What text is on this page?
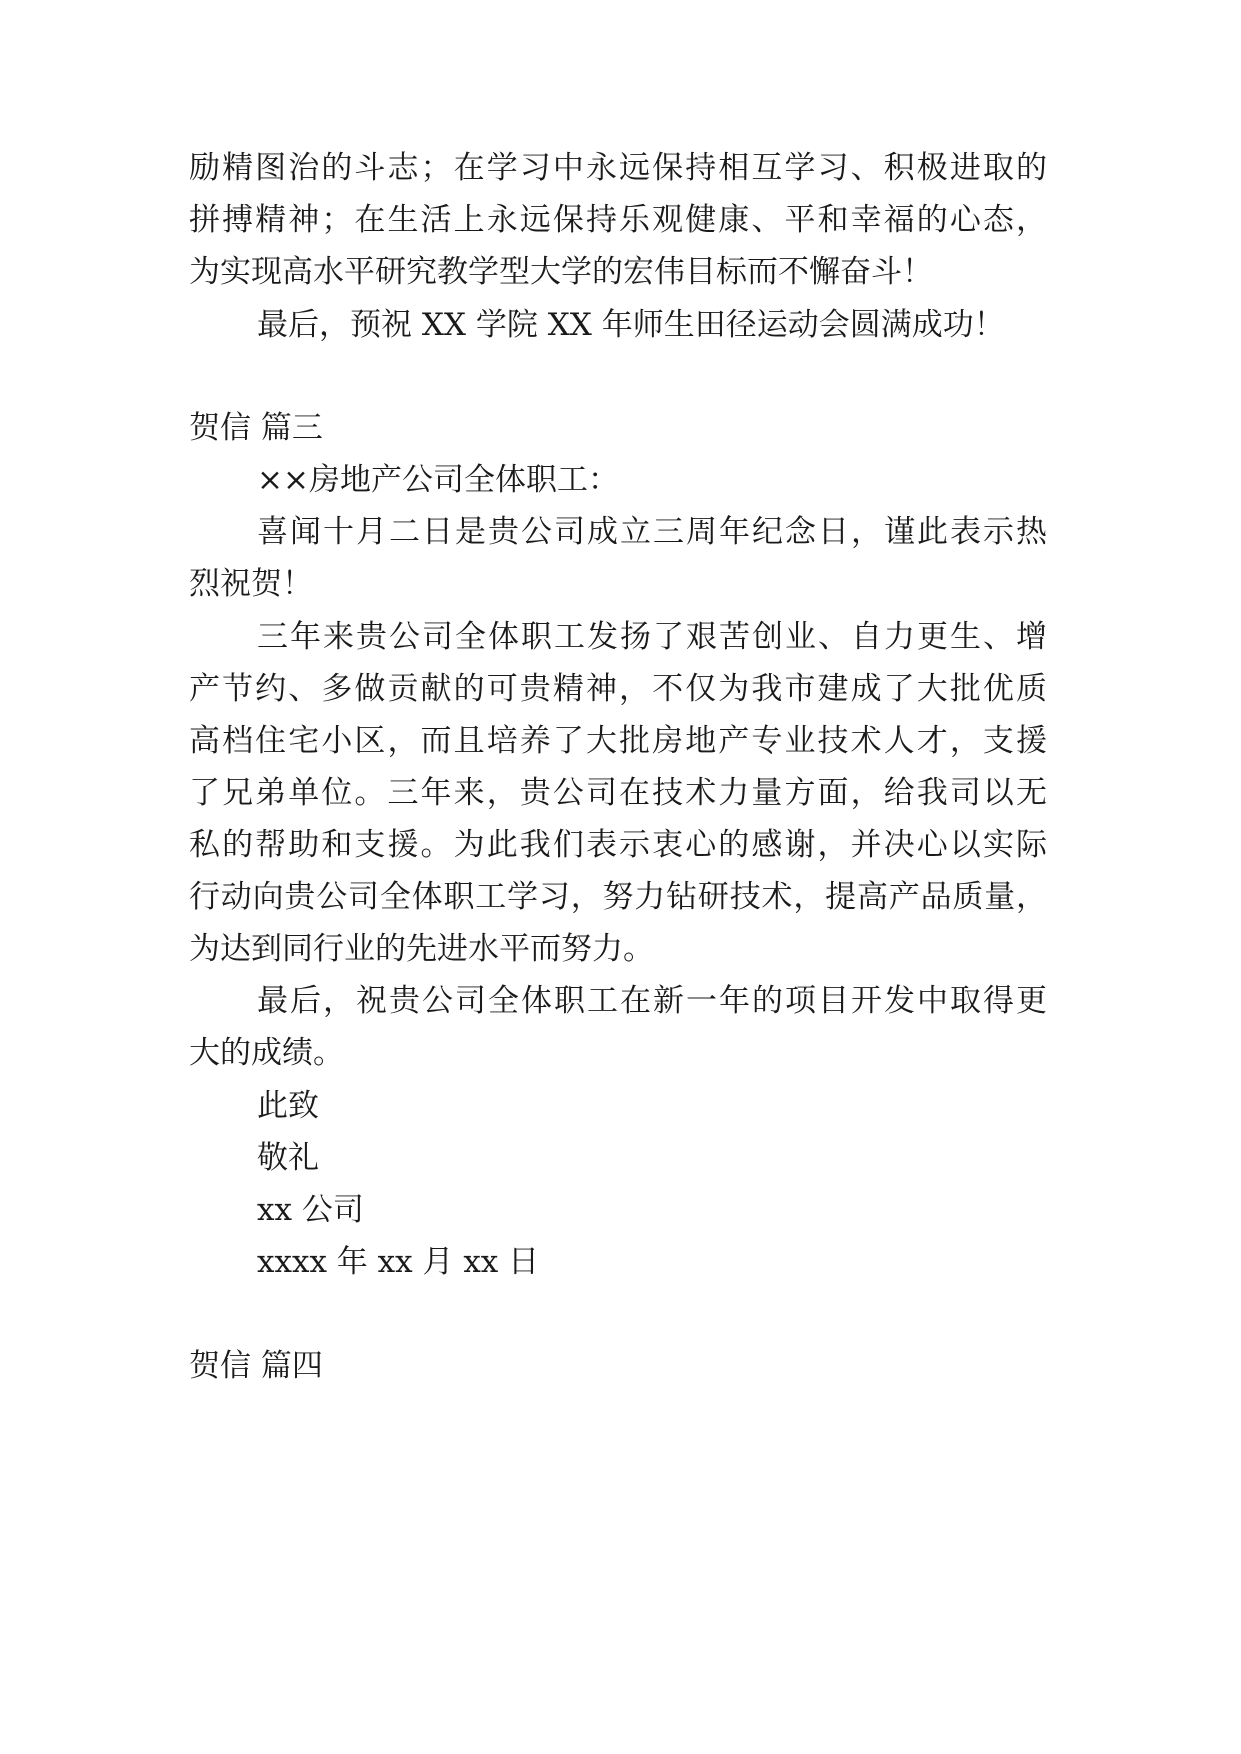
励精图治的斗志；在学习中永远保持相互学习、积极进取的
拼搏精神；在生活上永远保持乐观健康、平和幸福的心态，
为实现高水平研究教学型大学的宏伟目标而不懈奋斗！
最后，预祝 XX 学院 XX 年师生田径运动会圆满成功！
贺信 篇三
××房地产公司全体职工：
喜闻十月二日是贵公司成立三周年纪念日，谨此表示热
烈祝贺！
三年来贵公司全体职工发扬了艰苦创业、自力更生、增
产节约、多做贡献的可贵精神，不仅为我市建成了大批优质
高档住宅小区，而且培养了大批房地产专业技术人才，支援
了兄弟单位。三年来，贵公司在技术力量方面，给我司以无
私的帮助和支援。为此我们表示衷心的感谢，并决心以实际
行动向贵公司全体职工学习，努力钻研技术，提高产品质量，
为达到同行业的先进水平而努力。
最后，祝贵公司全体职工在新一年的项目开发中取得更
大的成绩。
此致
敬礼
xx 公司
xxxx 年 xx 月 xx 日
贺信 篇四
